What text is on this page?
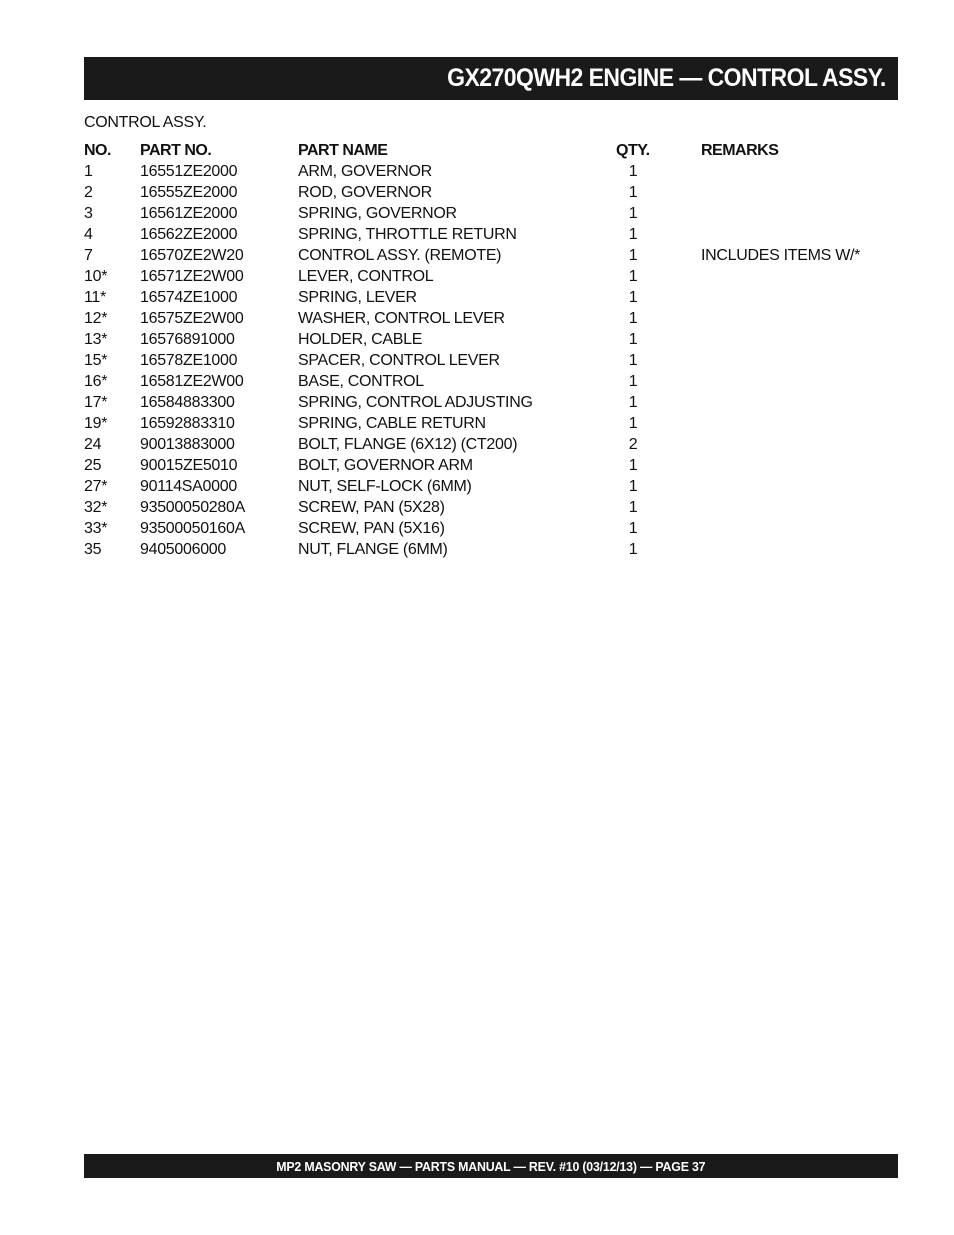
GX270QWH2 ENGINE — CONTROL ASSY.
CONTROL ASSY.
NO. PART NO.	PART NAME	QTY.	REMARKS
1	16551ZE2000	ARM, GOVERNOR	1
2	16555ZE2000	ROD, GOVERNOR	1
3	16561ZE2000	SPRING, GOVERNOR	1
4	16562ZE2000	SPRING, THROTTLE RETURN	1
7	16570ZE2W20	CONTROL ASSY. (REMOTE)	1	INCLUDES ITEMS W/*
10* 16571ZE2W00	LEVER, CONTROL	1
11* 16574ZE1000	SPRING, LEVER	1
12* 16575ZE2W00	WASHER, CONTROL LEVER	1
13* 16576891000	HOLDER, CABLE	1
15* 16578ZE1000	SPACER, CONTROL LEVER	1
16* 16581ZE2W00	BASE, CONTROL	1
17* 16584883300	SPRING, CONTROL ADJUSTING	1
19* 16592883310	SPRING, CABLE RETURN	1
24 90013883000	BOLT, FLANGE (6X12) (CT200)	2
25 90015ZE5010	BOLT, GOVERNOR ARM	1
27* 90114SA0000	NUT, SELF-LOCK (6MM)	1
32* 93500050280A	SCREW, PAN (5X28)	1
33* 93500050160A	SCREW, PAN (5X16)	1
35 9405006000	NUT, FLANGE (6MM)	1
MP2 MASONRY SAW — PARTS MANUAL — REV. #10 (03/12/13) — PAGE 37
